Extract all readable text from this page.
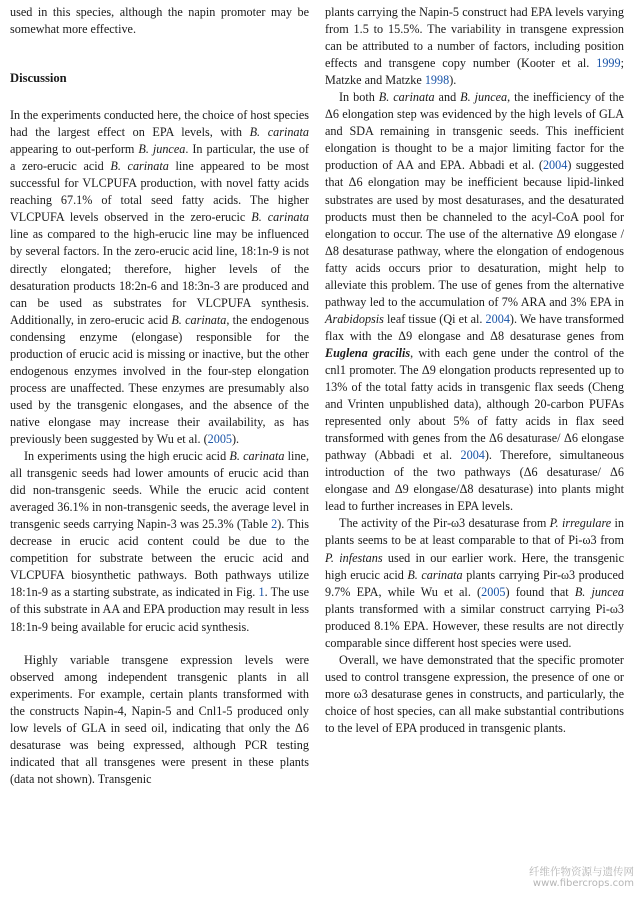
used in this species, although the napin promoter may be somewhat more effective.

Discussion

In the experiments conducted here, the choice of host species had the largest effect on EPA levels, with B. carinata appearing to out-perform B. juncea. In particular, the use of a zero-erucic acid B. carinata line appeared to be most successful for VLCPUFA production, with novel fatty acids reaching 67.1% of total seed fatty acids. The higher VLCPUFA levels observed in the zero-erucic B. carinata line as compared to the high-erucic line may be influenced by several factors. In the zero-erucic acid line, 18:1n-9 is not directly elongated; therefore, higher levels of the desaturation products 18:2n-6 and 18:3n-3 are produced and can be used as substrates for VLCPUFA synthesis. Additionally, in zero-erucic acid B. carinata, the endogenous condensing enzyme (elongase) responsible for the production of erucic acid is missing or inactive, but the other endogenous enzymes involved in the four-step elongation process are unaffected. These enzymes are presumably also used by the transgenic elongases, and the absence of the native elongase may increase their availability, as has previously been suggested by Wu et al. (2005).

In experiments using the high erucic acid B. carinata line, all transgenic seeds had lower amounts of erucic acid than did non-transgenic seeds. While the erucic acid content averaged 36.1% in non-transgenic seeds, the average level in transgenic seeds carrying Napin-3 was 25.3% (Table 2). This decrease in erucic acid content could be due to the competition for substrate between the erucic acid and VLCPUFA biosynthetic pathways. Both pathways utilize 18:1n-9 as a starting substrate, as indicated in Fig. 1. The use of this substrate in AA and EPA production may result in less 18:1n-9 being available for erucic acid synthesis.

Highly variable transgene expression levels were observed among independent transgenic plants in all experiments. For example, certain plants transformed with the constructs Napin-4, Napin-5 and Cnl1-5 produced only low levels of GLA in seed oil, indicating that only the Δ6 desaturase was being expressed, although PCR testing indicated that all transgenes were present in these plants (data not shown). Transgenic

plants carrying the Napin-5 construct had EPA levels varying from 1.5 to 15.5%. The variability in transgene expression can be attributed to a number of factors, including position effects and transgene copy number (Kooter et al. 1999; Matzke and Matzke 1998).

In both B. carinata and B. juncea, the inefficiency of the Δ6 elongation step was evidenced by the high levels of GLA and SDA remaining in transgenic seeds. This inefficient elongation is thought to be a major limiting factor for the production of AA and EPA. Abbadi et al. (2004) suggested that Δ6 elongation may be inefficient because lipid-linked substrates are used by most desaturases, and the desaturated products must then be channeled to the acyl-CoA pool for elongation to occur. The use of the alternative Δ9 elongase /Δ8 desaturase pathway, where the elongation of endogenous fatty acids occurs prior to desaturation, might help to alleviate this problem. The use of genes from the alternative pathway led to the accumulation of 7% ARA and 3% EPA in Arabidopsis leaf tissue (Qi et al. 2004). We have transformed flax with the Δ9 elongase and Δ8 desaturase genes from Euglena gracilis, with each gene under the control of the cnl1 promoter. The Δ9 elongation products represented up to 13% of the total fatty acids in transgenic flax seeds (Cheng and Vrinten unpublished data), although 20-carbon PUFAs represented only about 5% of fatty acids in flax seed transformed with genes from the Δ6 desaturase/ Δ6 elongase pathway (Abbadi et al. 2004). Therefore, simultaneous introduction of the two pathways (Δ6 desaturase/ Δ6 elongase and Δ9 elongase/Δ8 desaturase) into plants might lead to further increases in EPA levels.

The activity of the Pir-ω3 desaturase from P. irregulare in plants seems to be at least comparable to that of Pi-ω3 from P. infestans used in our earlier work. Here, the transgenic high erucic acid B. carinata plants carrying Pir-ω3 produced 9.7% EPA, while Wu et al. (2005) found that B. juncea plants transformed with a similar construct carrying Pi-ω3 produced 8.1% EPA. However, these results are not directly comparable since different host species were used.

Overall, we have demonstrated that the specific promoter used to control transgene expression, the presence of one or more ω3 desaturase genes in constructs, and particularly, the choice of host species, can all make substantial contributions to the level of EPA produced in transgenic plants.

纤维作物资源与遗传网
www.fibercrops.com
